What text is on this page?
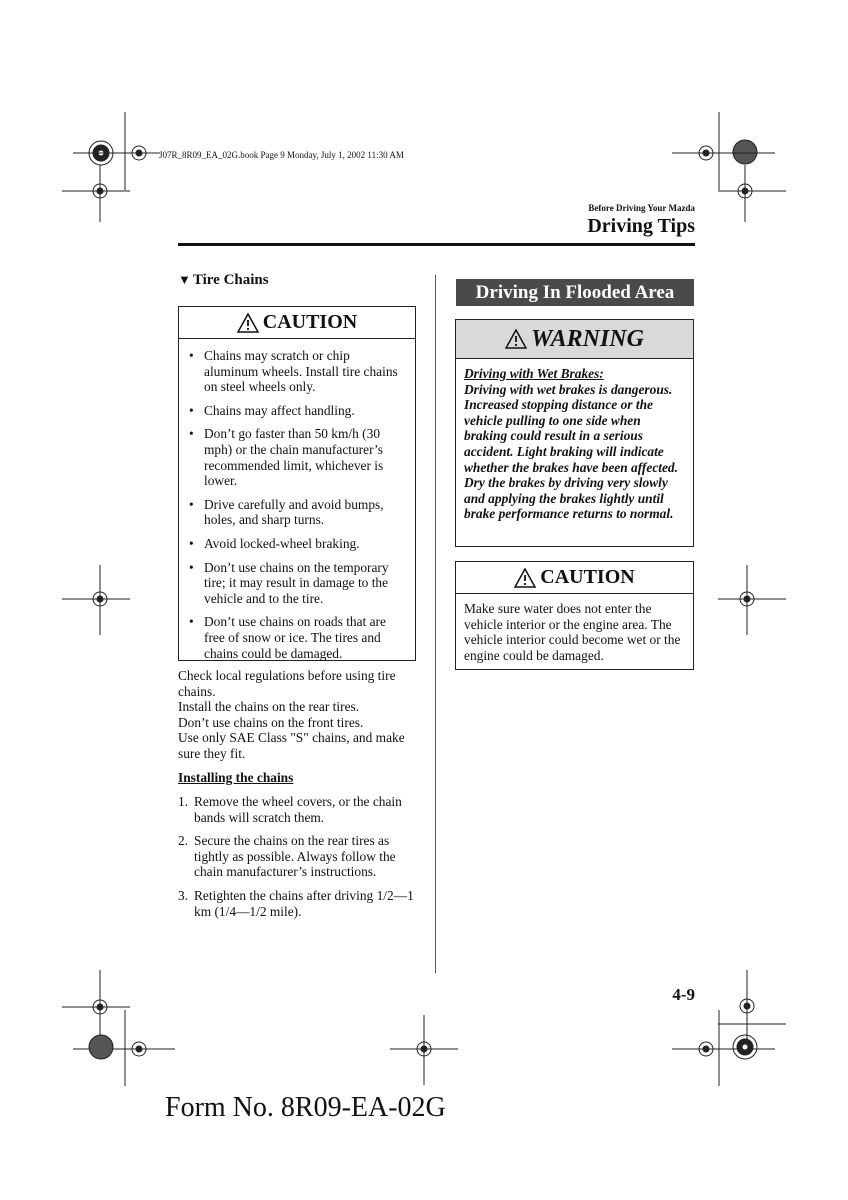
J07R_8R09_EA_02G.book Page 9 Monday, July 1, 2002 11:30 AM
Before Driving Your Mazda
Driving Tips
▼ Tire Chains
CAUTION
• Chains may scratch or chip aluminum wheels. Install tire chains on steel wheels only.
• Chains may affect handling.
• Don’t go faster than 50 km/h (30 mph) or the chain manufacturer’s recommended limit, whichever is lower.
• Drive carefully and avoid bumps, holes, and sharp turns.
• Avoid locked-wheel braking.
• Don’t use chains on the temporary tire; it may result in damage to the vehicle and to the tire.
• Don’t use chains on roads that are free of snow or ice. The tires and chains could be damaged.

Check local regulations before using tire chains.

Install the chains on the rear tires.

Don’t use chains on the front tires.

Use only SAE Class "S" chains, and make sure they fit.

Installing the chains
1. Remove the wheel covers, or the chain bands will scratch them.
2. Secure the chains on the rear tires as tightly as possible. Always follow the chain manufacturer’s instructions.
3. Retighten the chains after driving 1/2—1 km (1/4—1/2 mile).
Driving In Flooded Area
WARNING
Driving with Wet Brakes:
Driving with wet brakes is dangerous. Increased stopping distance or the vehicle pulling to one side when braking could result in a serious accident. Light braking will indicate whether the brakes have been affected. Dry the brakes by driving very slowly and applying the brakes lightly until brake performance returns to normal.
CAUTION
Make sure water does not enter the vehicle interior or the engine area. The vehicle interior could become wet or the engine could be damaged.
4-9
Form No. 8R09-EA-02G
